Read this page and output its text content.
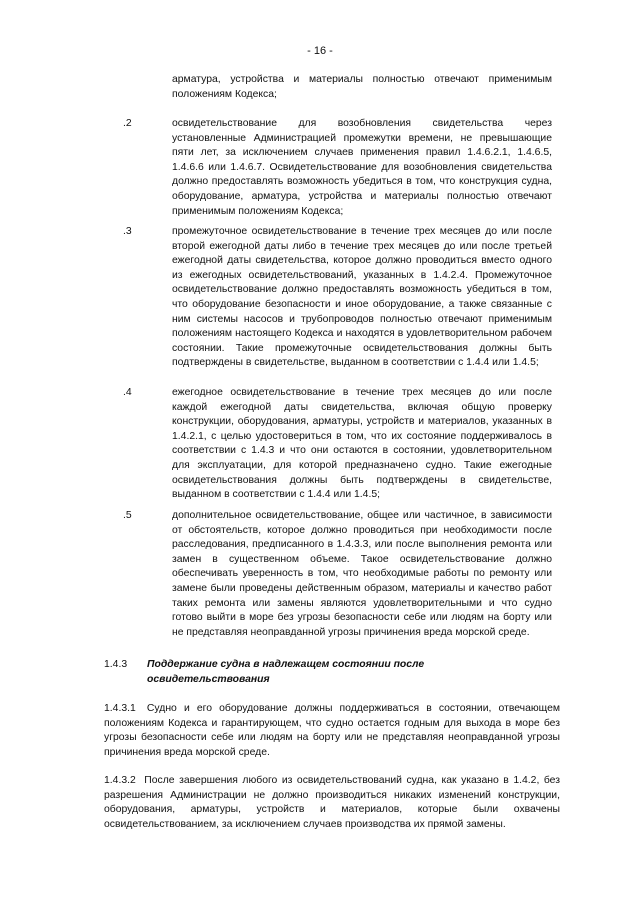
- 16 -
арматура, устройства и материалы полностью отвечают применимым положениям Кодекса;
.2	освидетельствование для возобновления свидетельства через установленные Администрацией промежутки времени, не превышающие пяти лет, за исключением случаев применения правил 1.4.6.2.1, 1.4.6.5, 1.4.6.6 или 1.4.6.7. Освидетельствование для возобновления свидетельства должно предоставлять возможность убедиться в том, что конструкция судна, оборудование, арматура, устройства и материалы полностью отвечают применимым положениям Кодекса;
.3	промежуточное освидетельствование в течение трех месяцев до или после второй ежегодной даты либо в течение трех месяцев до или после третьей ежегодной даты свидетельства, которое должно проводиться вместо одного из ежегодных освидетельствований, указанных в 1.4.2.4. Промежуточное освидетельствование должно предоставлять возможность убедиться в том, что оборудование безопасности и иное оборудование, а также связанные с ним системы насосов и трубопроводов полностью отвечают применимым положениям настоящего Кодекса и находятся в удовлетворительном рабочем состоянии. Такие промежуточные освидетельствования должны быть подтверждены в свидетельстве, выданном в соответствии с 1.4.4 или 1.4.5;
.4	ежегодное освидетельствование в течение трех месяцев до или после каждой ежегодной даты свидетельства, включая общую проверку конструкции, оборудования, арматуры, устройств и материалов, указанных в 1.4.2.1, с целью удостовериться в том, что их состояние поддерживалось в соответствии с 1.4.3 и что они остаются в состоянии, удовлетворительном для эксплуатации, для которой предназначено судно. Такие ежегодные освидетельствования должны быть подтверждены в свидетельстве, выданном в соответствии с 1.4.4 или 1.4.5;
.5	дополнительное освидетельствование, общее или частичное, в зависимости от обстоятельств, которое должно проводиться при необходимости после расследования, предписанного в 1.4.3.3, или после выполнения ремонта или замен в существенном объеме. Такое освидетельствование должно обеспечивать уверенность в том, что необходимые работы по ремонту или замене были проведены действенным образом, материалы и качество работ таких ремонта или замены являются удовлетворительными и что судно готово выйти в море без угрозы безопасности себе или людям на борту или не представляя неоправданной угрозы причинения вреда морской среде.
1.4.3 Поддержание судна в надлежащем состоянии после освидетельствования
1.4.3.1 Судно и его оборудование должны поддерживаться в состоянии, отвечающем положениям Кодекса и гарантирующем, что судно остается годным для выхода в море без угрозы безопасности себе или людям на борту или не представляя неоправданной угрозы причинения вреда морской среде.
1.4.3.2 После завершения любого из освидетельствований судна, как указано в 1.4.2, без разрешения Администрации не должно производиться никаких изменений конструкции, оборудования, арматуры, устройств и материалов, которые были охвачены освидетельствованием, за исключением случаев производства их прямой замены.
